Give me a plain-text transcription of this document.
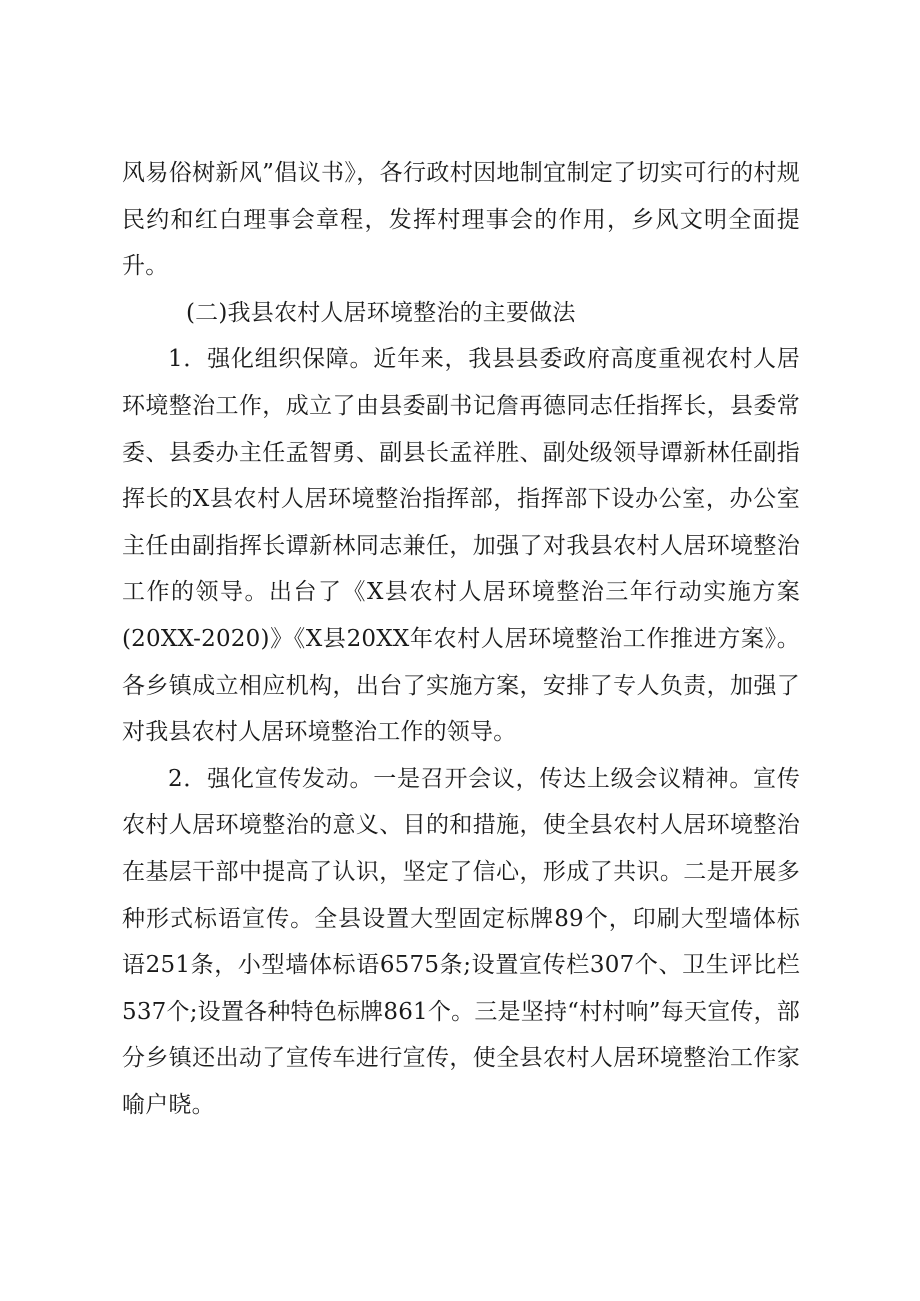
风易俗树新风”倡议书》，各行政村因地制宜制定了切实可行的村规民约和红白理事会章程，发挥村理事会的作用，乡风文明全面提升。

(二)我县农村人居环境整治的主要做法

1．强化组织保障。近年来，我县县委政府高度重视农村人居环境整治工作，成立了由县委副书记詹再德同志任指挥长，县委常委、县委办主任孟智勇、副县长孟祥胜、副处级领导谭新林任副指挥长的X县农村人居环境整治指挥部，指挥部下设办公室，办公室主任由副指挥长谭新林同志兼任，加强了对我县农村人居环境整治工作的领导。出台了《X县农村人居环境整治三年行动实施方案(20XX-2020)》《X县20XX年农村人居环境整治工作推进方案》。各乡镇成立相应机构，出台了实施方案，安排了专人负责，加强了对我县农村人居环境整治工作的领导。

2．强化宣传发动。一是召开会议，传达上级会议精神。宣传农村人居环境整治的意义、目的和措施，使全县农村人居环境整治在基层干部中提高了认识，坚定了信心，形成了共识。二是开展多种形式标语宣传。全县设置大型固定标牌89个，印刷大型墙体标语251条，小型墙体标语6575条;设置宣传栏307个、卫生评比栏537个;设置各种特色标牌861个。三是坚持“村村响”每天宣传，部分乡镇还出动了宣传车进行宣传，使全县农村人居环境整治工作家喻户晓。
